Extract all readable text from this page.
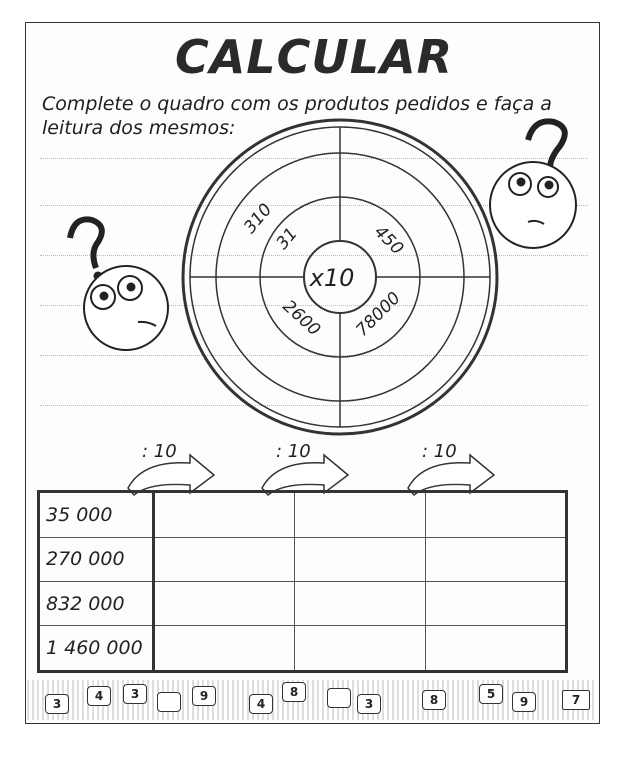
CALCULAR
Complete o quadro com os produtos pedidos e faça a leitura dos mesmos:
x10
310
31	450
2600 78000
: 10	: 10	: 10
35 000			
270 000			
832 000			
1 460 000			
3
4	3	9
4
8
3	8	5
9	7
